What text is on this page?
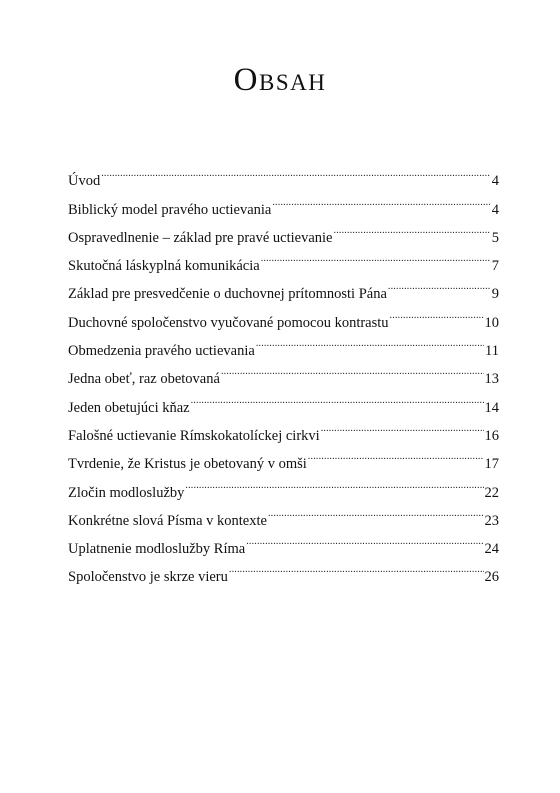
Obsah
Úvod .....	4
Biblický model pravého uctievania .....	4
Ospravedlnenie – základ pre pravé uctievanie .....	5
Skutočná láskyplná komunikácia .....	7
Základ pre presvedčenie o duchovnej prítomnosti Pána .....	9
Duchovné spoločenstvo vyučované pomocou kontrastu .....	10
Obmedzenia pravého uctievania .....	11
Jedna obeť, raz obetovaná .....	13
Jeden obetujúci kňaz .....	14
Falošné uctievanie Rímskokatolíckej cirkvi .....	16
Tvrdenie, že Kristus je obetovaný v omši .....	17
Zločin modloslužby .....	22
Konkrétne slová Písma v kontexte .....	23
Uplatnenie modloslužby Ríma .....	24
Spoločenstvo je skrze vieru .....	26
